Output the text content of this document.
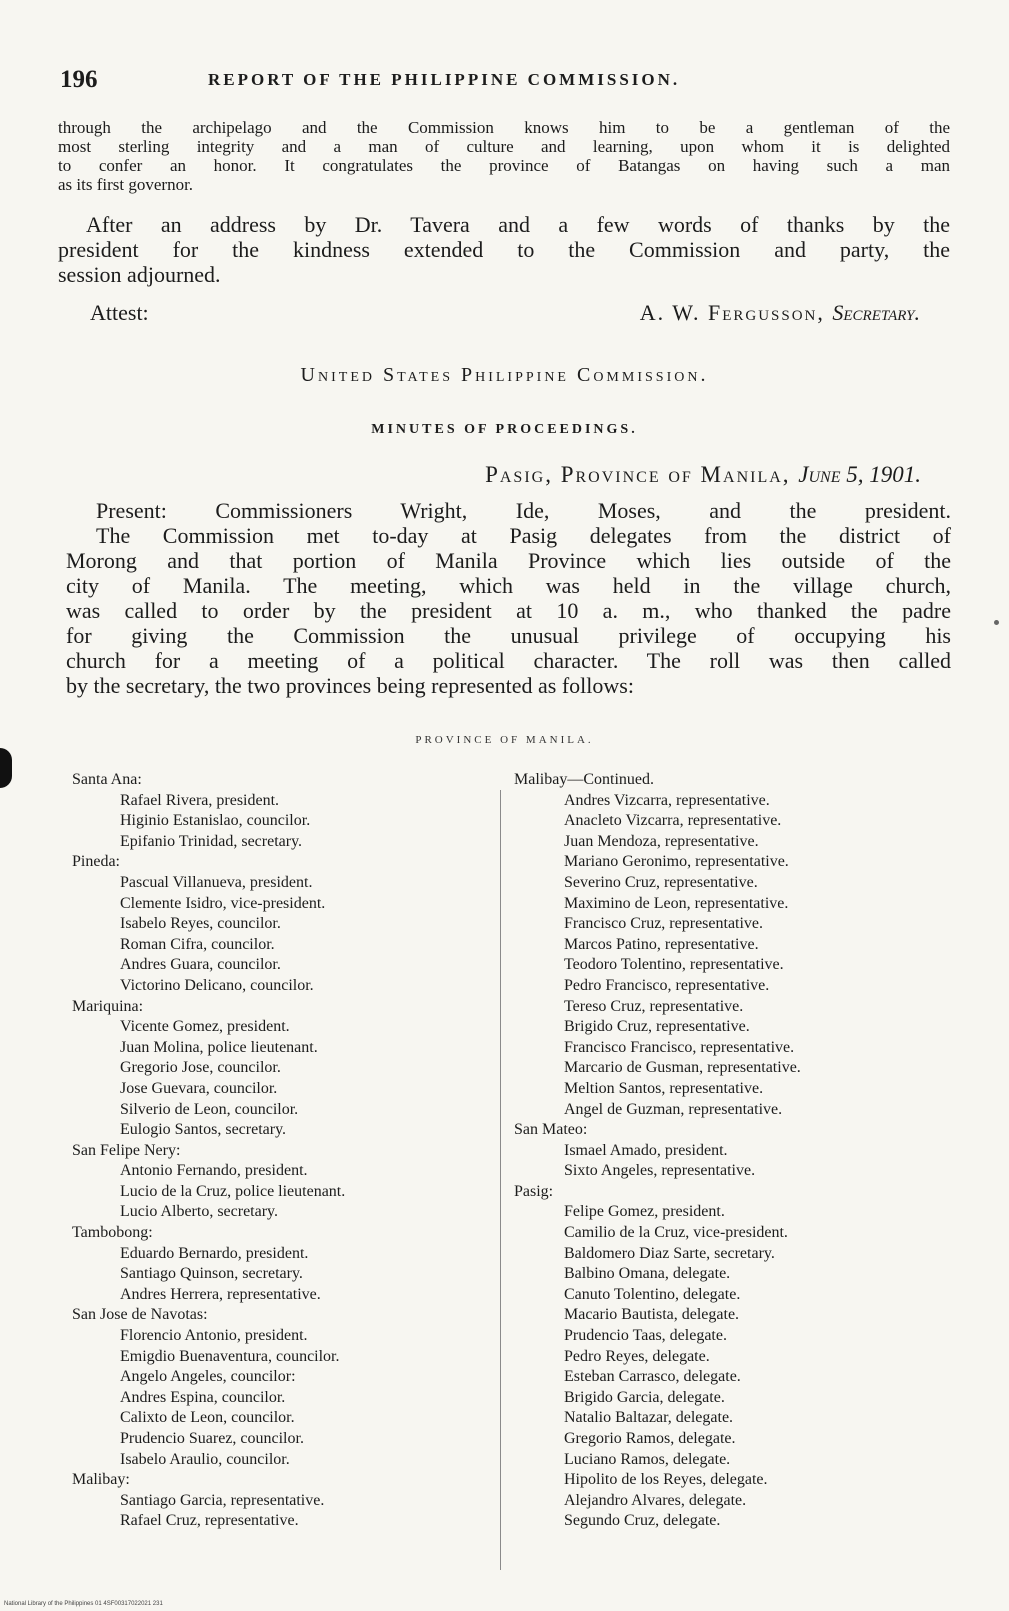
196	REPORT OF THE PHILIPPINE COMMISSION.

through the archipelago and the Commission knows him to be a gentleman of the
most sterling integrity and a man of culture and learning, upon whom it is delighted
to confer an honor. It congratulates the province of Batangas on having such a man
as its first governor.

After an address by Dr. Tavera and a few words of thanks by the

president for the kindness extended to the Commission and party, the
session adjourned.

Attest:	A. W. Fergusson, Secretary.
United States Philippine Commission.
MINUTES OF PROCEEDINGS.
Pasig, Province of Manila, June 5, 1901.

Present: Commissioners Wright, Ide, Moses, and the president.

The Commission met to-day at Pasig delegates from the district of

Morong and that portion of Manila Province which lies outside of the
city of Manila. The meeting, which was held in the village church,
was called to order by the president at 10 a. m., who thanked the padre
for giving the Commission the unusual privilege of occupying his
church for a meeting of a political character. The roll was then called
by the secretary, the two provinces being represented as follows:

PROVINCE OF MANILA.
Santa Ana:
Rafael Rivera, president.
Higinio Estanislao, councilor.
Epifanio Trinidad, secretary.
Pineda:
Pascual Villanueva, president.
Clemente Isidro, vice-president.
Isabelo Reyes, councilor.
Roman Cifra, councilor.
Andres Guara, councilor.
Victorino Delicano, councilor.
Mariquina:
Vicente Gomez, president.
Juan Molina, police lieutenant.
Gregorio Jose, councilor.
Jose Guevara, councilor.
Silverio de Leon, councilor.
Eulogio Santos, secretary.
San Felipe Nery:
Antonio Fernando, president.
Lucio de la Cruz, police lieutenant.
Lucio Alberto, secretary.
Tambobong:
Eduardo Bernardo, president.
Santiago Quinson, secretary.
Andres Herrera, representative.
San Jose de Navotas:
Florencio Antonio, president.
Emigdio Buenaventura, councilor.
Angelo Angeles, councilor:
Andres Espina, councilor.
Calixto de Leon, councilor.
Prudencio Suarez, councilor.
Isabelo Araulio, councilor.
Malibay:
Santiago Garcia, representative.
Rafael Cruz, representative.
Malibay—Continued.
Andres Vizcarra, representative.
Anacleto Vizcarra, representative.
Juan Mendoza, representative.
Mariano Geronimo, representative.
Severino Cruz, representative.
Maximino de Leon, representative.
Francisco Cruz, representative.
Marcos Patino, representative.
Teodoro Tolentino, representative.
Pedro Francisco, representative.
Tereso Cruz, representative.
Brigido Cruz, representative.
Francisco Francisco, representative.
Marcario de Gusman, representative.
Meltion Santos, representative.
Angel de Guzman, representative.
San Mateo:
Ismael Amado, president.
Sixto Angeles, representative.
Pasig:
Felipe Gomez, president.
Camilio de la Cruz, vice-president.
Baldomero Diaz Sarte, secretary.
Balbino Omana, delegate.
Canuto Tolentino, delegate.
Macario Bautista, delegate.
Prudencio Taas, delegate.
Pedro Reyes, delegate.
Esteban Carrasco, delegate.
Brigido Garcia, delegate.
Natalio Baltazar, delegate.
Gregorio Ramos, delegate.
Luciano Ramos, delegate.
Hipolito de los Reyes, delegate.
Alejandro Alvares, delegate.
Segundo Cruz, delegate.
National Library of the Philippines 01 4SF00317022021 231
